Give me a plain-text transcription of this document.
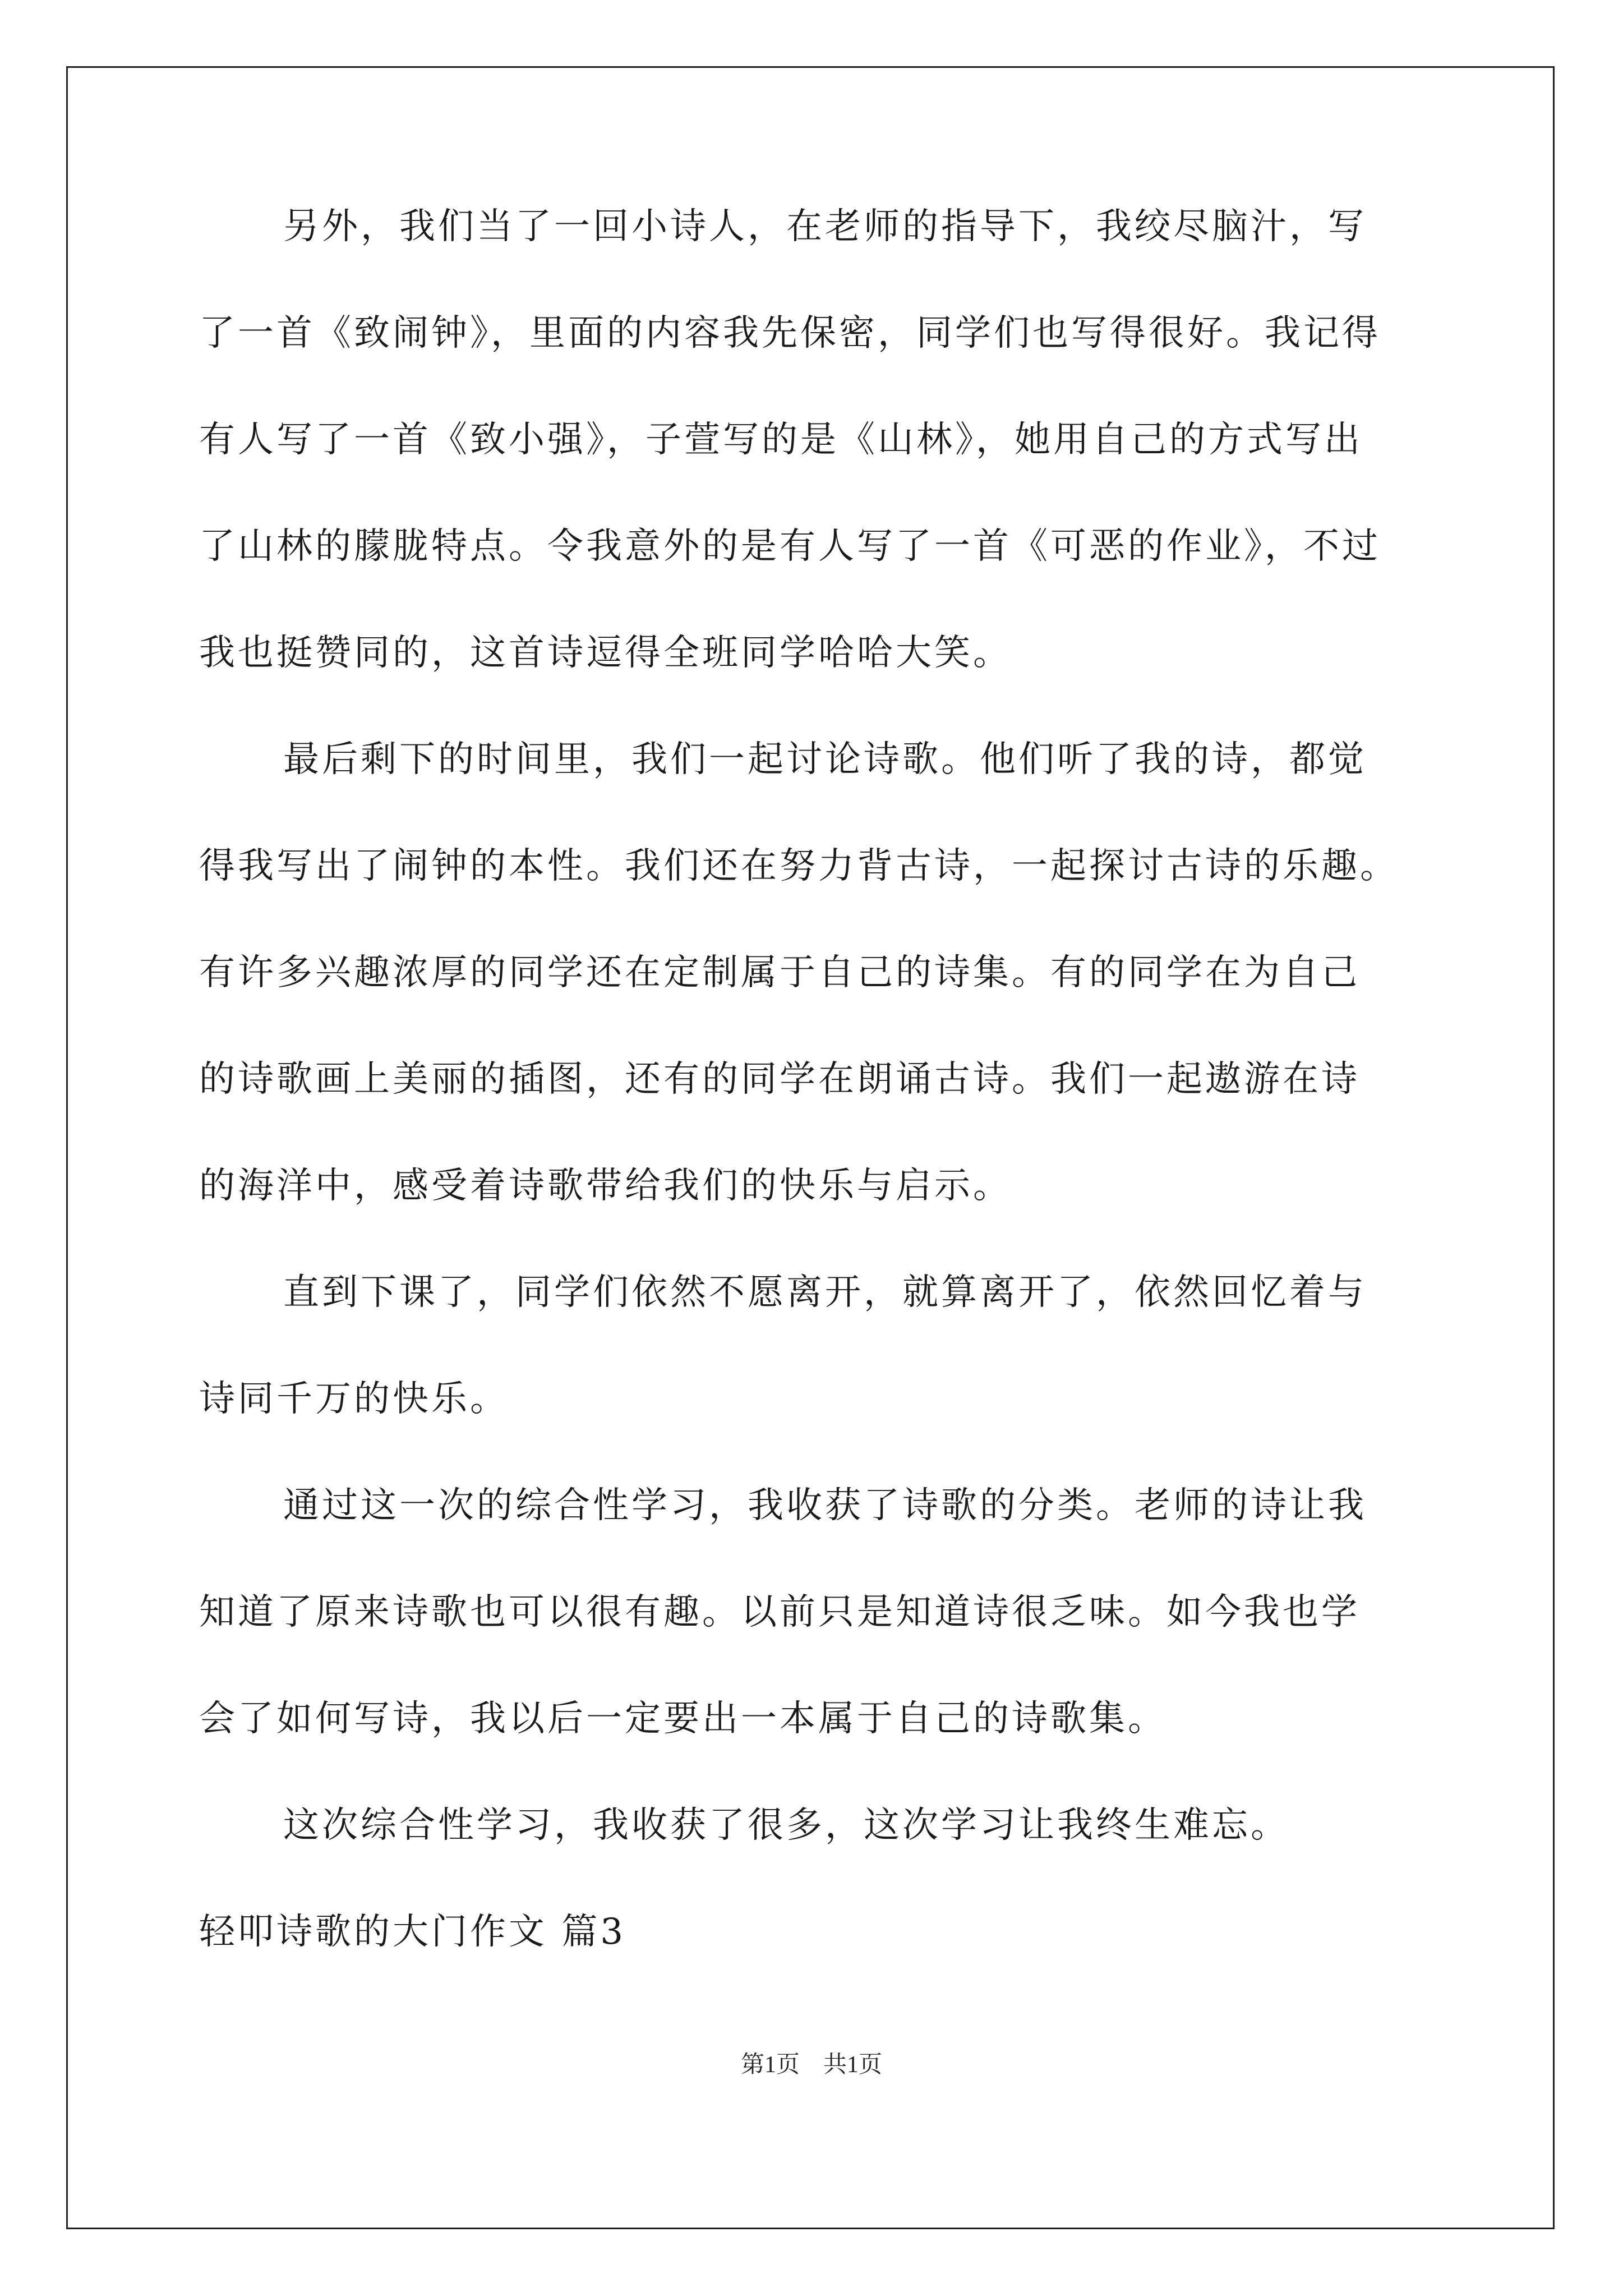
另外，我们当了一回小诗人，在老师的指导下，我绞尽脑汁，写
了一首《致闹钟》，里面的内容我先保密，同学们也写得很好。我记得
有人写了一首《致小强》，子萱写的是《山林》，她用自己的方式写出
了山林的朦胧特点。令我意外的是有人写了一首《可恶的作业》，不过
我也挺赞同的，这首诗逗得全班同学哈哈大笑。
最后剩下的时间里，我们一起讨论诗歌。他们听了我的诗，都觉
得我写出了闹钟的本性。我们还在努力背古诗，一起探讨古诗的乐趣。
有许多兴趣浓厚的同学还在定制属于自己的诗集。有的同学在为自己
的诗歌画上美丽的插图，还有的同学在朗诵古诗。我们一起遨游在诗
的海洋中，感受着诗歌带给我们的快乐与启示。
直到下课了，同学们依然不愿离开，就算离开了，依然回忆着与
诗同千万的快乐。
通过这一次的综合性学习，我收获了诗歌的分类。老师的诗让我
知道了原来诗歌也可以很有趣。以前只是知道诗很乏味。如今我也学
会了如何写诗，我以后一定要出一本属于自己的诗歌集。
这次综合性学习，我收获了很多，这次学习让我终生难忘。
轻叩诗歌的大门作文 篇3
第1页　共1页
